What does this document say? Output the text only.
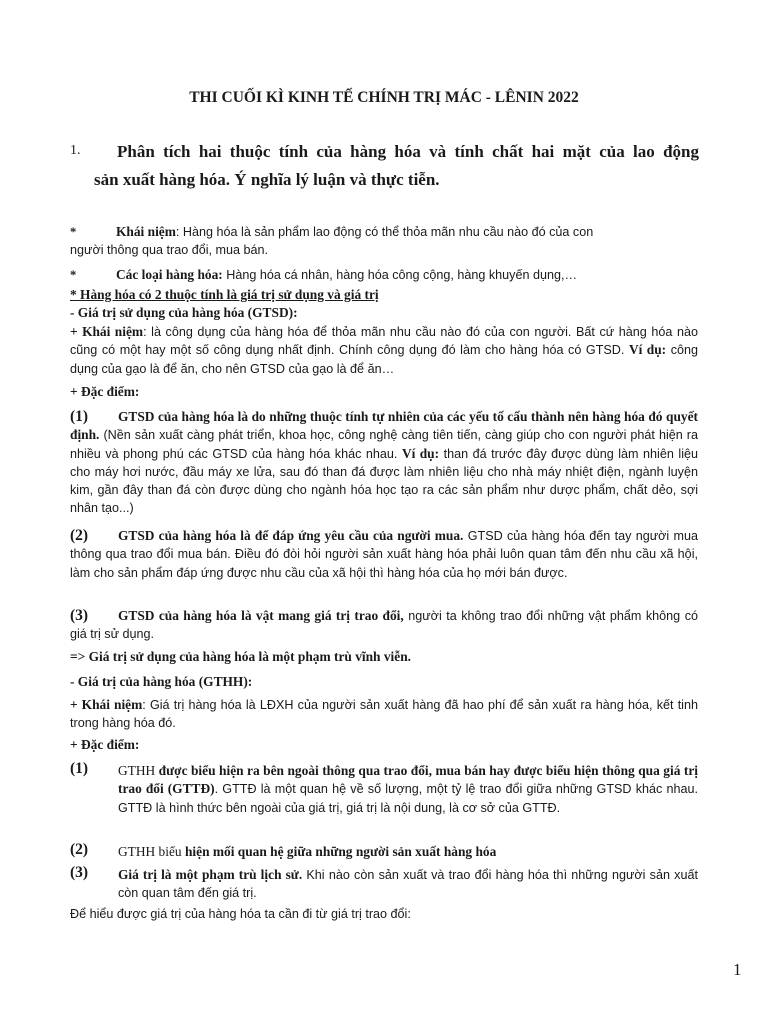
THI CUỐI KÌ KINH TẾ CHÍNH TRỊ MÁC - LÊNIN 2022
1. Phân tích hai thuộc tính của hàng hóa và tính chất hai mặt của lao động
sản xuất hàng hóa. Ý nghĩa lý luận và thực tiễn.
*	Khái niệm: Hàng hóa là sản phẩm lao động có thể thỏa mãn nhu cầu nào đó của con
người thông qua trao đổi, mua bán.
*	Các loại hàng hóa: Hàng hóa cá nhân, hàng hóa công cộng, hàng khuyến dụng,…
* Hàng hóa có 2 thuộc tính là giá trị sử dụng và giá trị
- Giá trị sử dụng của hàng hóa (GTSD):
+ Khái niệm: là công dụng của hàng hóa để thỏa mãn nhu cầu nào đó của con người. Bất cứ hàng hóa nào cũng có một hay một số công dụng nhất định. Chính công dụng đó làm cho hàng hóa có GTSD. Ví dụ: công dụng của gạo là để ăn, cho nên GTSD của gạo là để ăn…
+ Đặc điểm:
(1) GTSD của hàng hóa là do những thuộc tính tự nhiên của các yếu tố cấu thành nên hàng hóa đó quyết định. (Nền sản xuất càng phát triển, khoa học, công nghệ càng tiên tiến, càng giúp cho con người phát hiện ra nhiều và phong phú các GTSD của hàng hóa khác nhau. Ví dụ: than đá trước đây được dùng làm nhiên liệu cho máy hơi nước, đầu máy xe lửa, sau đó than đá được làm nhiên liệu cho nhà máy nhiệt điện, ngành luyện kim, gần đây than đá còn được dùng cho ngành hóa học tạo ra các sản phẩm như dược phẩm, chất dẻo, sợi nhân tạo...)
(2) GTSD của hàng hóa là để đáp ứng yêu cầu của người mua. GTSD của hàng hóa đến tay người mua thông qua trao đổi mua bán. Điều đó đòi hỏi người sản xuất hàng hóa phải luôn quan tâm đến nhu cầu xã hội, làm cho sản phẩm đáp ứng được nhu cầu của xã hội thì hàng hóa của họ mới bán được.
(3) GTSD của hàng hóa là vật mang giá trị trao đổi, người ta không trao đổi những vật phẩm không có giá trị sử dụng.
=> Giá trị sử dụng của hàng hóa là một phạm trù vĩnh viễn.
- Giá trị của hàng hóa (GTHH):
+ Khái niệm: Giá trị hàng hóa là LĐXH của người sản xuất hàng đã hao phí để sản xuất ra hàng hóa, kết tinh trong hàng hóa đó.
+ Đặc điểm:
(1) GTHH được biểu hiện ra bên ngoài thông qua trao đổi, mua bán hay được biểu hiện thông qua giá trị trao đổi (GTTĐ). GTTĐ là một quan hệ về số lượng, một tỷ lệ trao đổi giữa những GTSD khác nhau. GTTĐ là hình thức bên ngoài của giá trị, giá trị là nội dung, là cơ sở của GTTĐ.
(2) GTHH biểu hiện mối quan hệ giữa những người sản xuất hàng hóa
(3) Giá trị là một phạm trù lịch sử. Khi nào còn sản xuất và trao đổi hàng hóa thì những người sản xuất còn quan tâm đến giá trị.
Để hiểu được giá trị của hàng hóa ta cần đi từ giá trị trao đổi:
1
